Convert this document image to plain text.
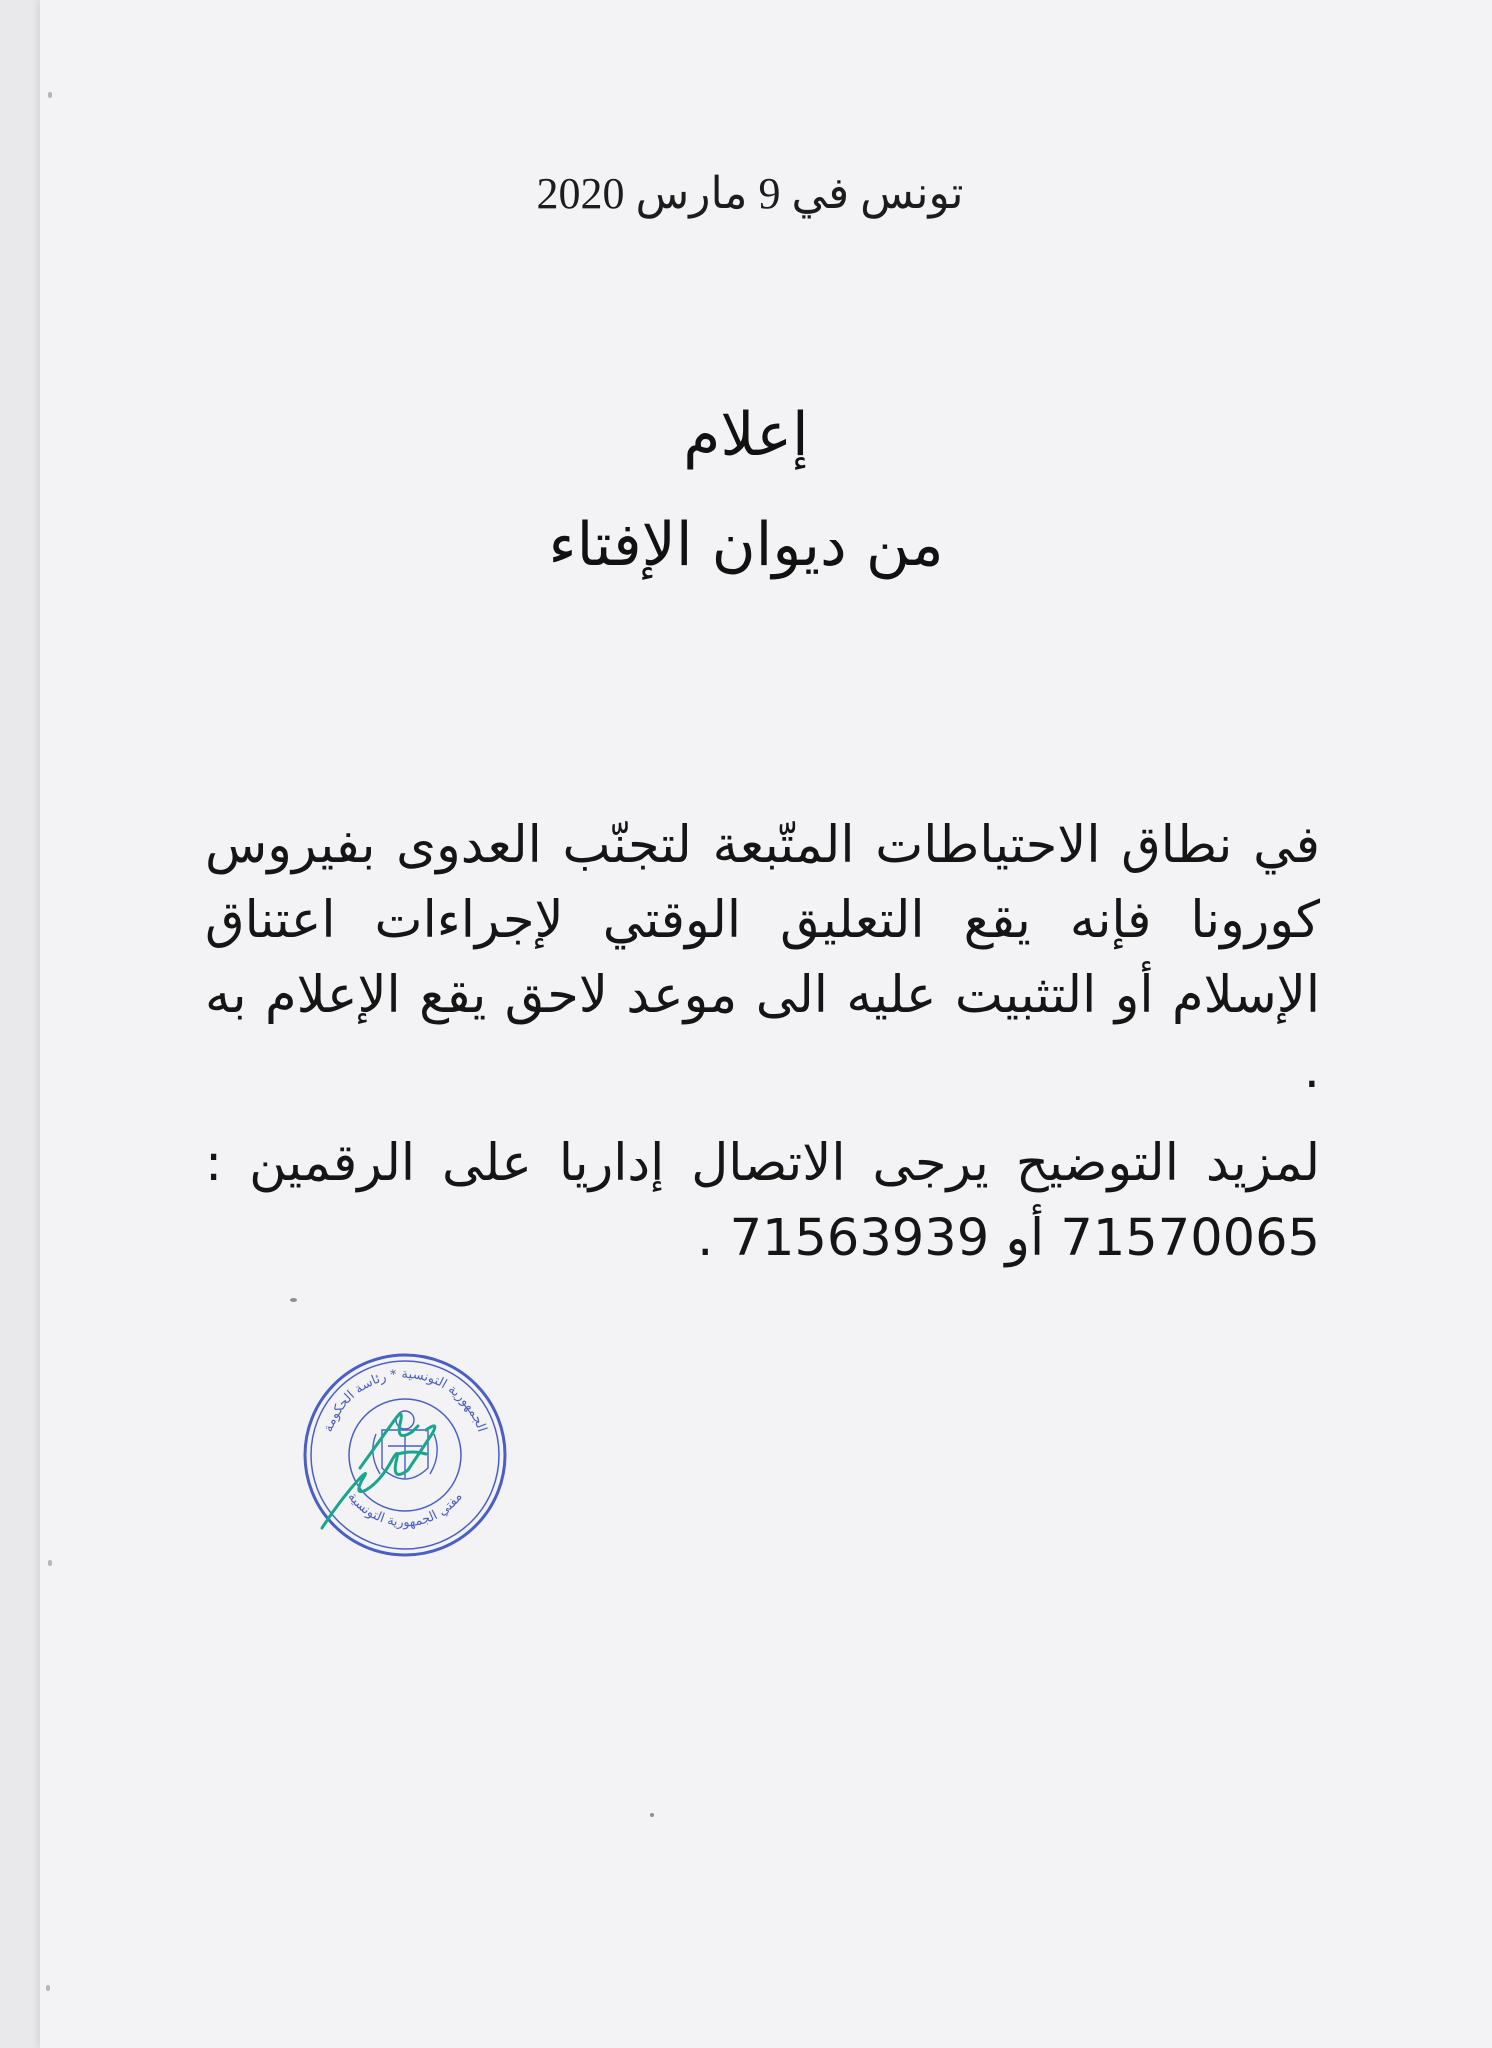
تونس في 9 مارس 2020
إعلام
من ديوان الإفتاء

في نطاق الاحتياطات المتّبعة لتجنّب العدوى بفيروس كورونا فإنه يقع التعليق الوقتي لإجراءات اعتناق الإسلام أو التثبيت عليه الى موعد لاحق يقع الإعلام به .

لمزيد التوضيح يرجى الاتصال إداريا على الرقمين : 71570065 أو 71563939 .

الجمهورية التونسية * رئاسة الحكومة
مفتي الجمهورية التونسية
